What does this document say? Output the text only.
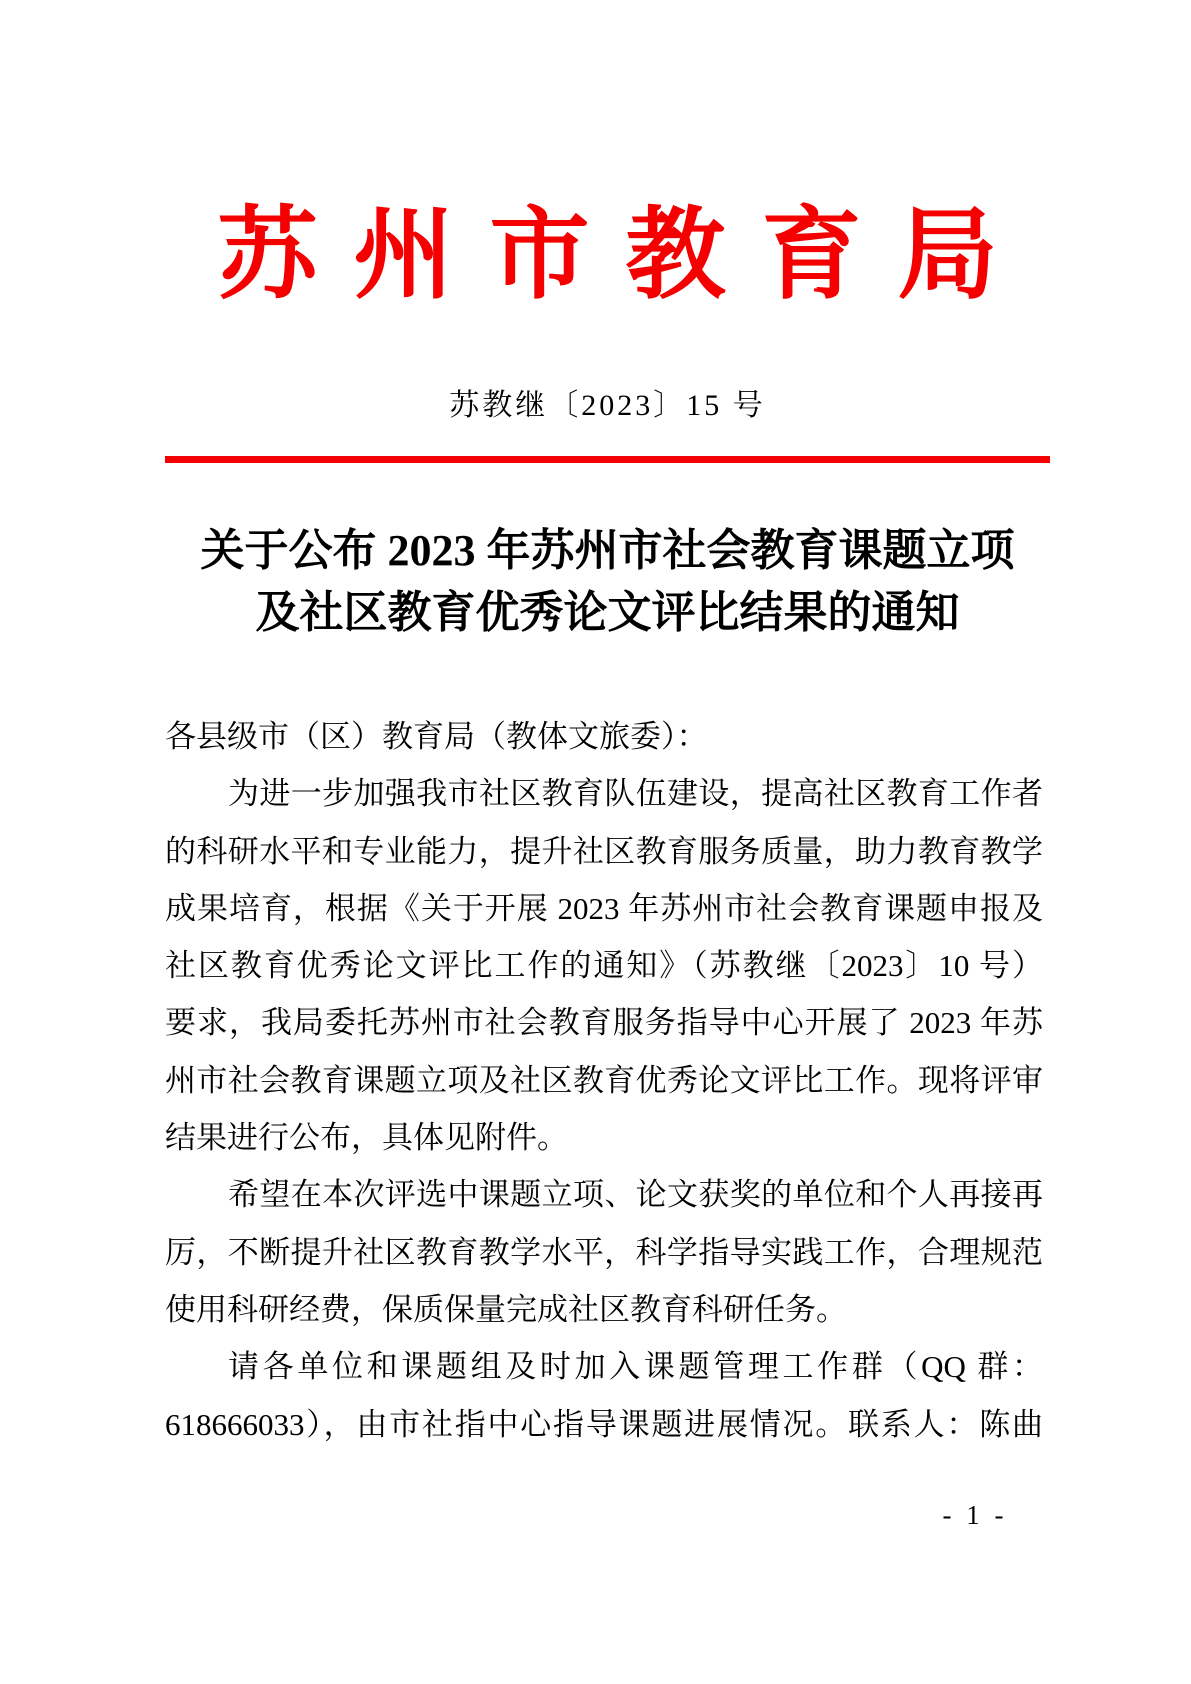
苏州市教育局
苏教继〔2023〕15 号
关于公布 2023 年苏州市社会教育课题立项
及社区教育优秀论文评比结果的通知
各县级市（区）教育局（教体文旅委）：
为进一步加强我市社区教育队伍建设，提高社区教育工作者
的科研水平和专业能力，提升社区教育服务质量，助力教育教学
成果培育，根据《关于开展 2023 年苏州市社会教育课题申报及
社区教育优秀论文评比工作的通知》（苏教继〔2023〕10 号）
要求，我局委托苏州市社会教育服务指导中心开展了 2023 年苏
州市社会教育课题立项及社区教育优秀论文评比工作。现将评审
结果进行公布，具体见附件。
希望在本次评选中课题立项、论文获奖的单位和个人再接再
厉，不断提升社区教育教学水平，科学指导实践工作，合理规范
使用科研经费，保质保量完成社区教育科研任务。
请各单位和课题组及时加入课题管理工作群（QQ 群：
618666033），由市社指中心指导课题进展情况。联系人：陈曲
- 1 -
